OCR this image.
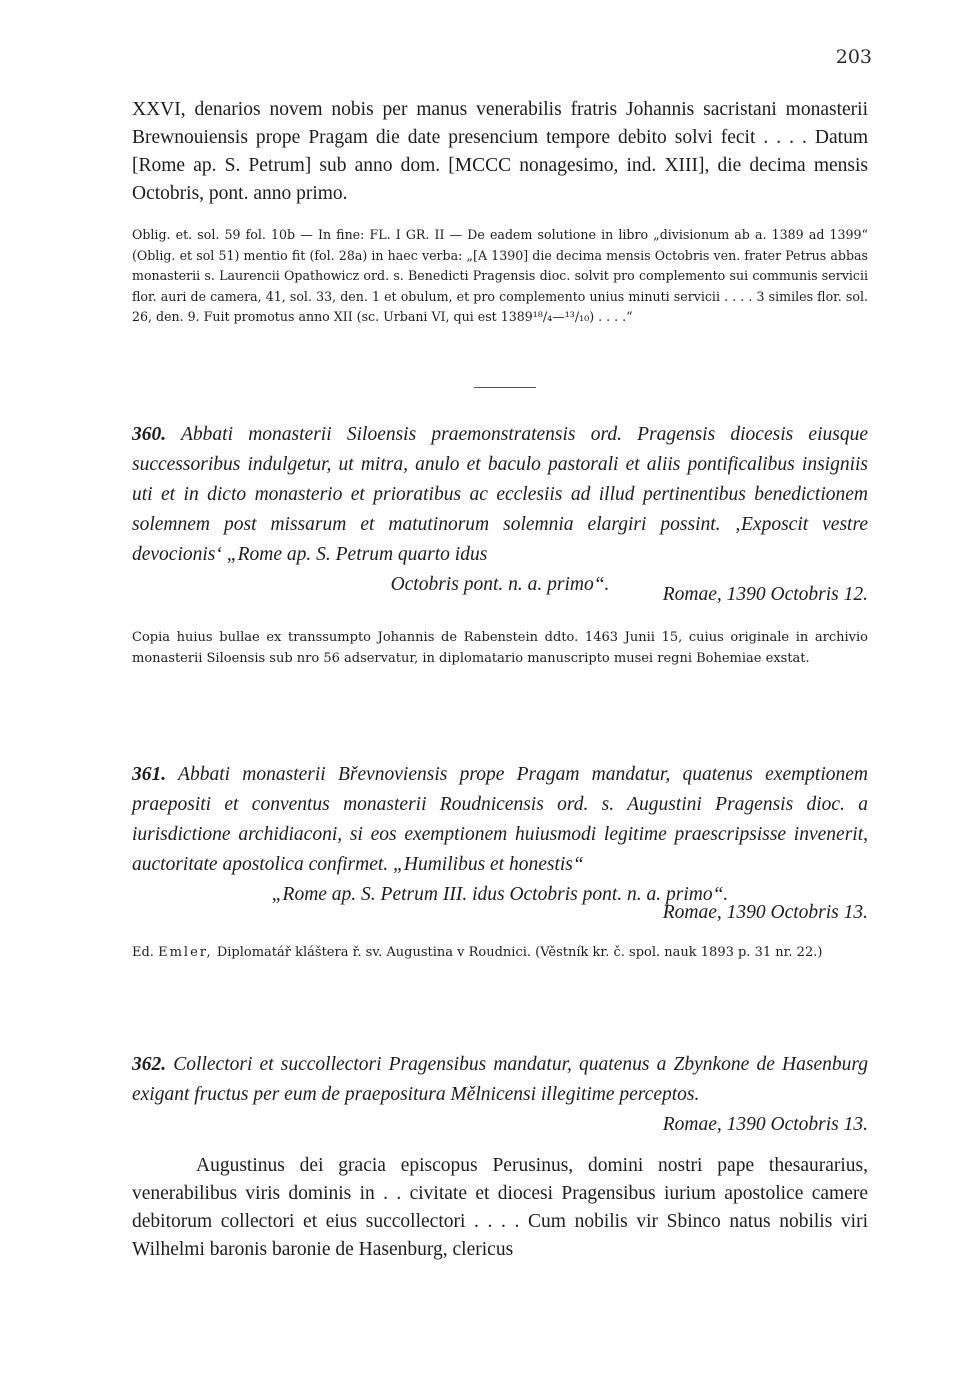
203
XXVI, denarios novem nobis per manus venerabilis fratris Johannis sacristani monasterii Brewnouiensis prope Pragam die date presencium tempore debito solvi fecit . . . . Datum [Rome ap. S. Petrum] sub anno dom. [MCCC nonagesimo, ind. XIII], die decima mensis Octobris, pont. anno primo.
Oblig. et. sol. 59 fol. 10b — In fine: FL. I GR. II — De eadem solutione in libro „divisionum ab a. 1389 ad 1399“ (Oblig. et sol 51) mentio fit (fol. 28a) in haec verba: „[A 1390] die decima mensis Octobris ven. frater Petrus abbas monasterii s. Laurencii Opathowicz ord. s. Benedicti Pragensis dioc. solvit pro complemento sui communis servicii flor. auri de camera, 41, sol. 33, den. 1 et obulum, et pro complemento unius minuti servicii . . . . 3 similes flor. sol. 26, den. 9. Fuit promotus anno XII (sc. Urbani VI, qui est 1389¹⁸/₄—¹³/₁₀) . . . .“
360. Abbati monasterii Siloensis praemonstratensis ord. Pragensis diocesis eiusque successoribus indulgetur, ut mitra, anulo et baculo pastorali et aliis pontificalibus insigniis uti et in dicto monasterio et prioratibus ac ecclesiis ad illud pertinentibus benedictionem solemnem post missarum et matutinorum solemnia elargiri possint. ‚Exposcit vestre devocionis‘ „Rome ap. S. Petrum quarto idus
Octobris pont. n. a. primo“.	Romae, 1390 Octobris 12.
Copia huius bullae ex transsumpto Johannis de Rabenstein ddto. 1463 Junii 15, cuius originale in archivio monasterii Siloensis sub nro 56 adservatur, in diplomatario manuscripto musei regni Bohemiae exstat.
361. Abbati monasterii Břevnoviensis prope Pragam mandatur, quatenus exemptionem praepositi et conventus monasterii Roudnicensis ord. s. Augustini Pragensis dioc. a iurisdictione archidiaconi, si eos exemptionem huiusmodi legitime praescripsisse invenerit, auctoritate apostolica confirmet. „Humilibus et honestis“
„Rome ap. S. Petrum III. idus Octobris pont. n. a. primo“.
Romae, 1390 Octobris 13.
Ed. Emler, Diplomatář kláštera ř. sv. Augustina v Roudnici. (Věstník kr. č. spol. nauk 1893 p. 31 nr. 22.)
362. Collectori et succollectori Pragensibus mandatur, quatenus a Zbynkone de Hasenburg exigant fructus per eum de praepositura Mělnicensi illegitime perceptos.
Romae, 1390 Octobris 13.
Augustinus dei gracia episcopus Perusinus, domini nostri pape thesaurarius, venerabilibus viris dominis in . . civitate et diocesi Pragensibus iurium apostolice camere debitorum collectori et eius succollectori . . . . Cum nobilis vir Sbinco natus nobilis viri Wilhelmi baronis baronie de Hasenburg, clericus
